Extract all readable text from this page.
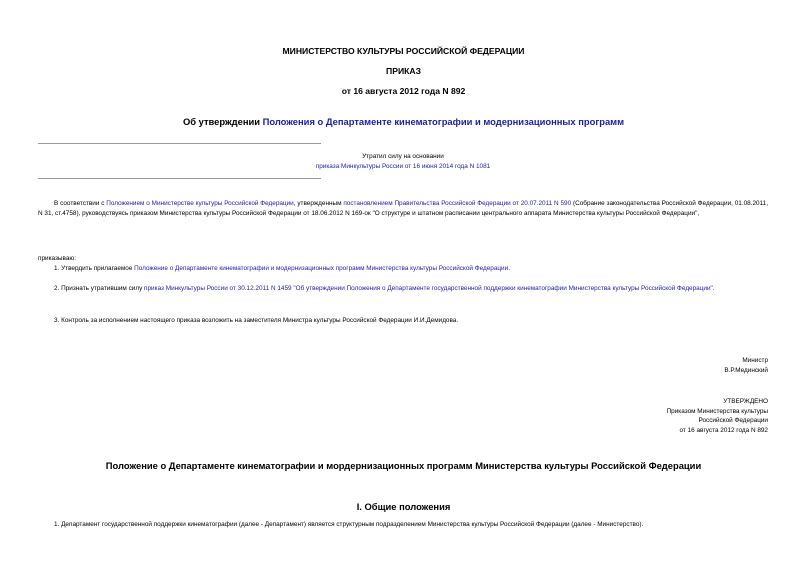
МИНИСТЕРСТВО КУЛЬТУРЫ РОССИЙСКОЙ ФЕДЕРАЦИИ
ПРИКАЗ
от 16 августа 2012 года N 892
Об утверждении Положения о Департаменте кинематографии и модернизационных программ
Утратил силу на основании
приказа Минкультуры России от 16 июня 2014 года N 1081
В соответствии с Положением о Министерстве культуры Российской Федерации, утвержденным постановлением Правительства Российской Федерации от 20.07.2011 N 590 (Собрание законодательства Российской Федерации, 01.08.2011, N 31, ст.4758), руководствуясь приказом Министерства культуры Российской Федерации от 18.06.2012 N 169-ок "О структуре и штатном расписании центрального аппарата Министерства культуры Российской Федерации",
приказываю:
1. Утвердить прилагаемое Положение о Департаменте кинематографии и модернизационных программ Министерства культуры Российской Федерации.
2. Признать утратившим силу приказ Минкультуры России от 30.12.2011 N 1459 "Об утверждении Положения о Департаменте государственной поддержки кинематографии Министерства культуры Российской Федерации".
3. Контроль за исполнением настоящего приказа возложить на заместителя Министра культуры Российской Федерации И.И.Демидова.
Министр
В.Р.Мединский
УТВЕРЖДЕНО
Приказом Министерства культуры
Российской Федерации
от 16 августа 2012 года N 892
Положение о Департаменте кинематографии и мордернизационных программ Министерства культуры Российской Федерации
I. Общие положения
1. Департамент государственной поддержки кинематографии (далее - Департамент) является структурным подразделением Министерства культуры Российской Федерации (далее - Министерство).
